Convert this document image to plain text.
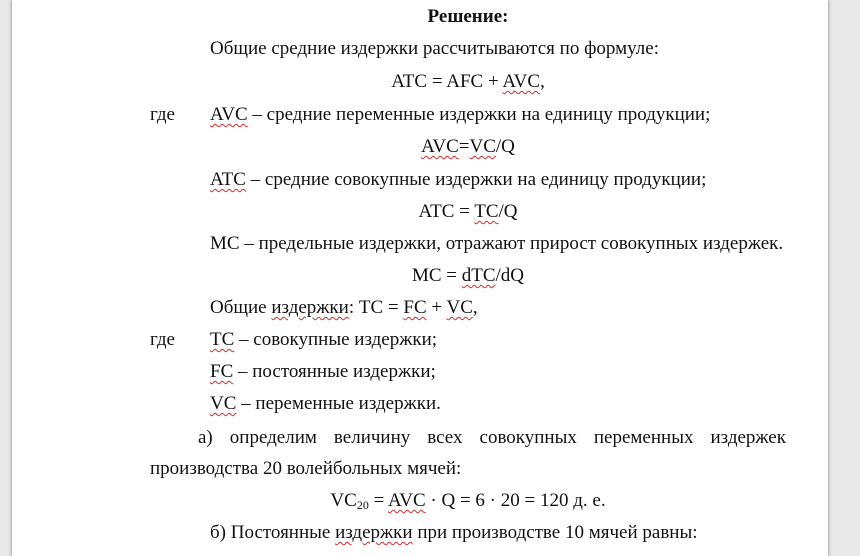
Решение:
Общие средние издержки рассчитываются по формуле:
ATC = AFC + AVC,
где AVC – средние переменные издержки на единицу продукции;
AVC=VC/Q
ATC – средние совокупные издержки на единицу продукции;
ATC = TC/Q
MC – предельные издержки, отражают прирост совокупных издержек.
MC = dTC/dQ
Общие издержки: TC = FC + VC,
где TC – совокупные издержки;
FC – постоянные издержки;
VC – переменные издержки.
а) определим величину всех совокупных переменных издержек
производства 20 волейбольных мячей:
$VC_{20}$ = AVC · Q = 6 · 20 = 120 д. е.
б) Постоянные издержки при производстве 10 мячей равны:
